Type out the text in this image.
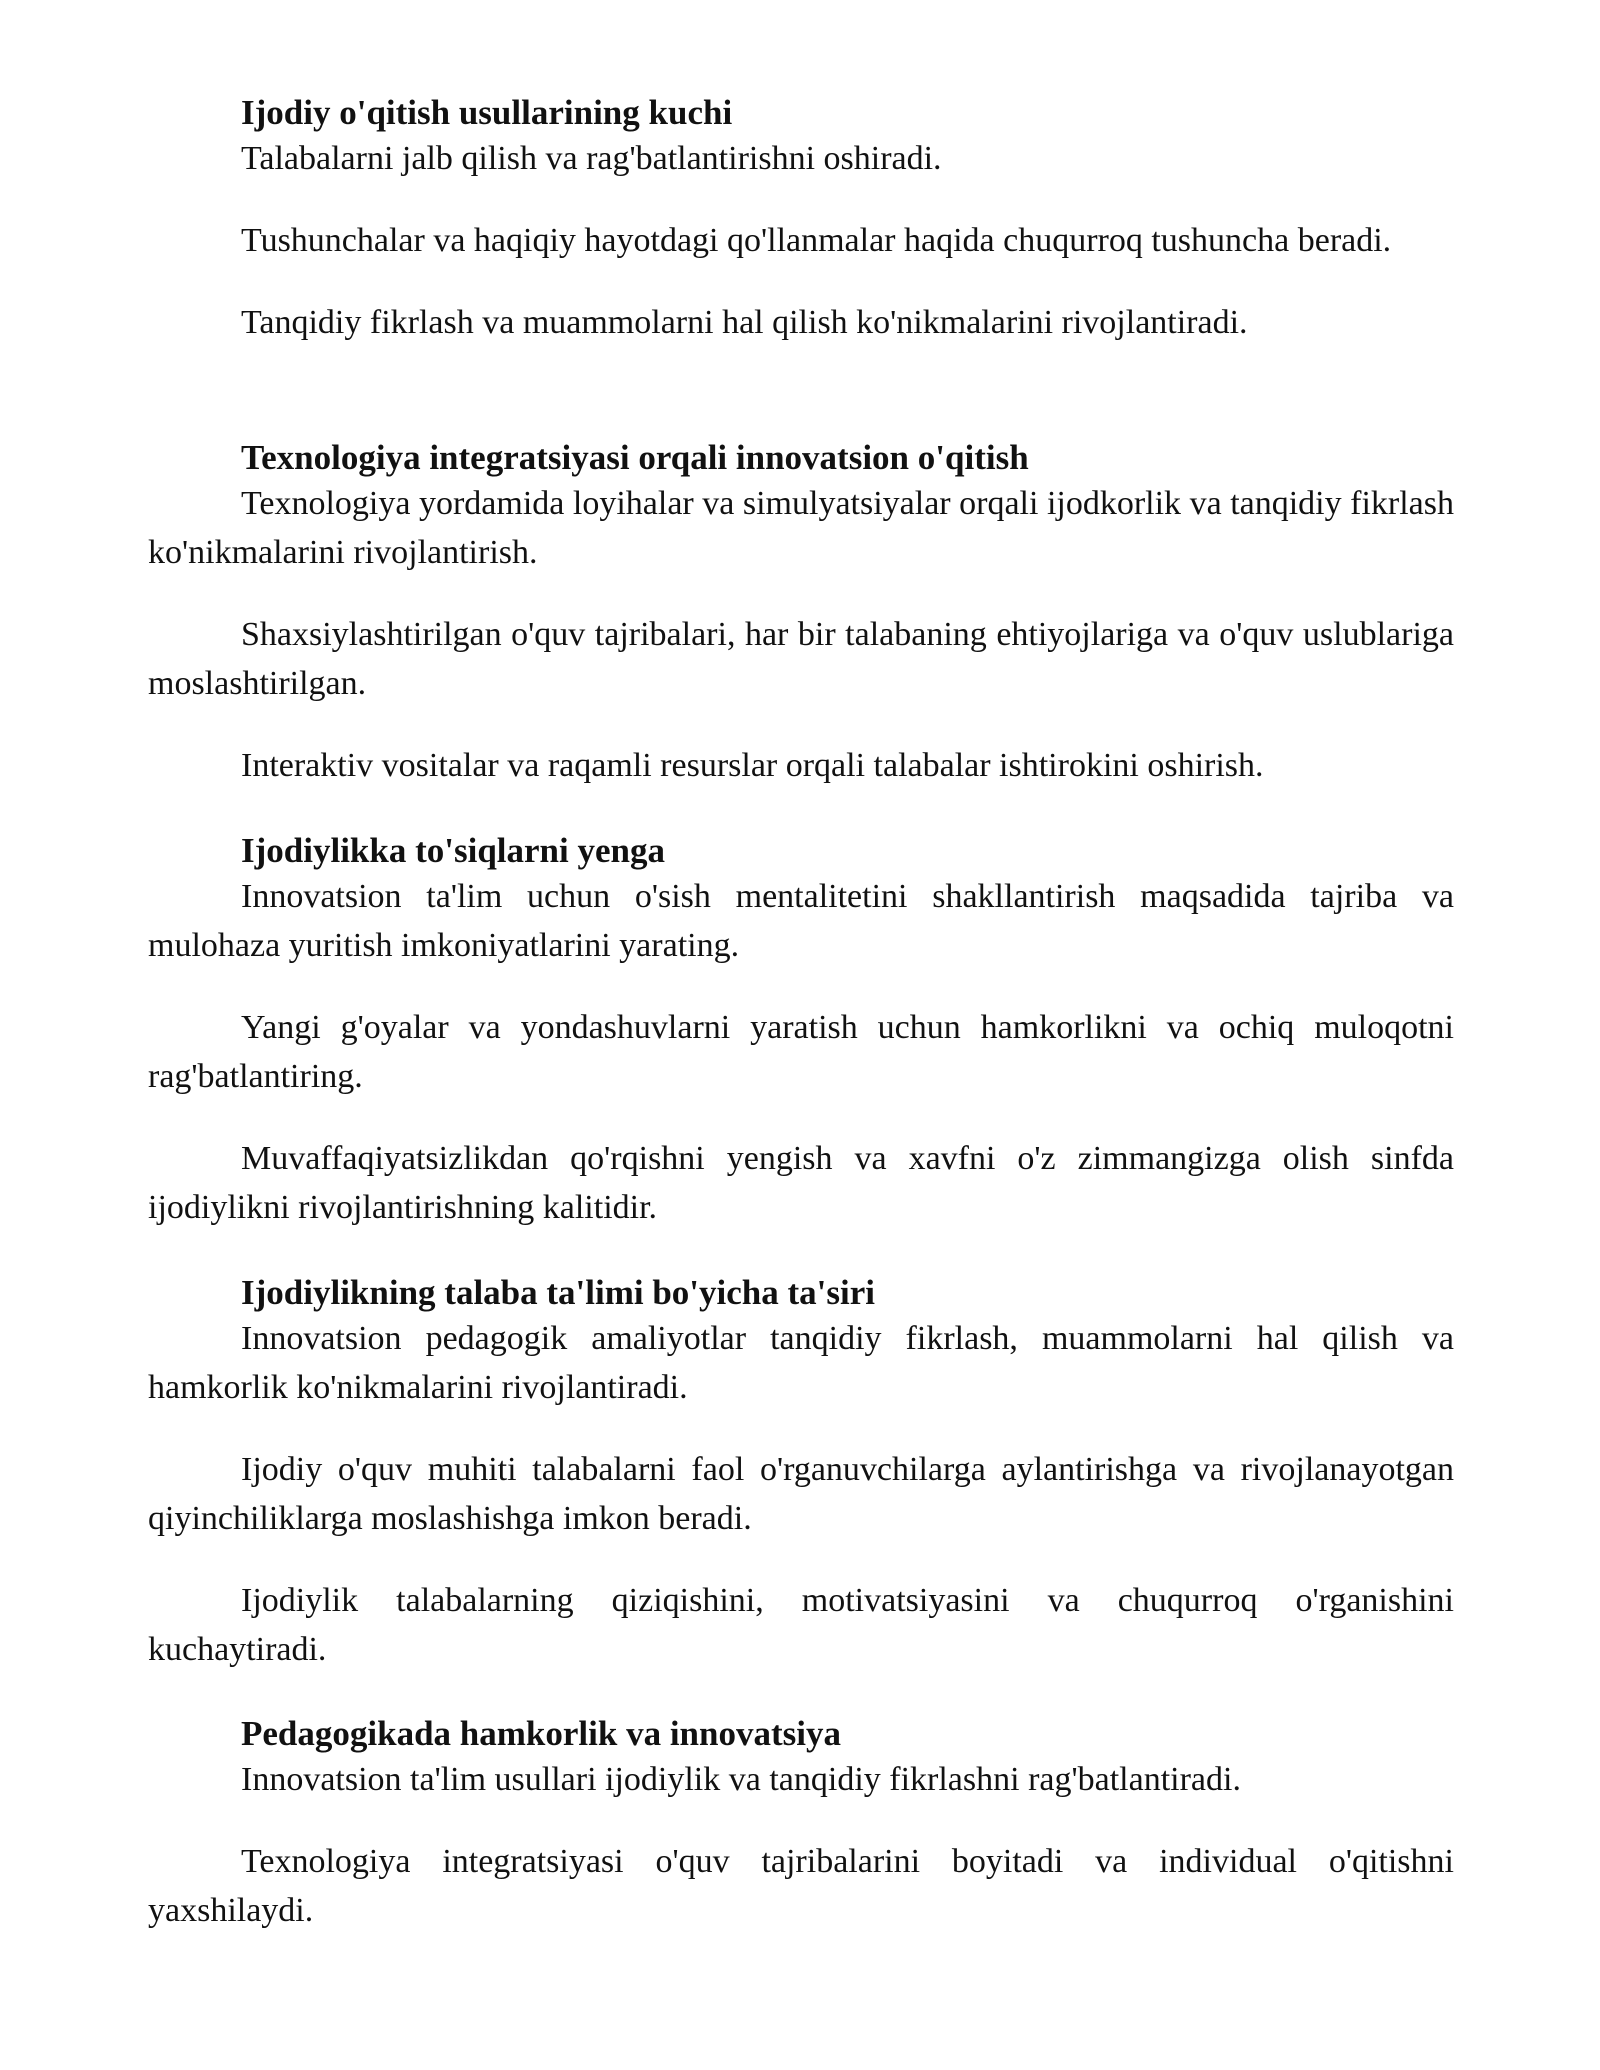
Ijodiy o'qitish usullarining kuchi

Talabalarni jalb qilish va rag'batlantirishni oshiradi.

Tushunchalar va haqiqiy hayotdagi qo'llanmalar haqida chuqurroq tushuncha beradi.

Tanqidiy fikrlash va muammolarni hal qilish ko'nikmalarini rivojlantiradi.

Texnologiya integratsiyasi orqali innovatsion o'qitish

Texnologiya yordamida loyihalar va simulyatsiyalar orqali ijodkorlik va tanqidiy fikrlash ko'nikmalarini rivojlantirish.

Shaxsiylashtirilgan o'quv tajribalari, har bir talabaning ehtiyojlariga va o'quv uslublariga moslashtirilgan.

Interaktiv vositalar va raqamli resurslar orqali talabalar ishtirokini oshirish.

Ijodiylikka to'siqlarni yenga

Innovatsion ta'lim uchun o'sish mentalitetini shakllantirish maqsadida tajriba va mulohaza yuritish imkoniyatlarini yarating.

Yangi g'oyalar va yondashuvlarni yaratish uchun hamkorlikni va ochiq muloqotni rag'batlantiring.

Muvaffaqiyatsizlikdan qo'rqishni yengish va xavfni o'z zimmangizga olish sinfda ijodiylikni rivojlantirishning kalitidir.

Ijodiylikning talaba ta'limi bo'yicha ta'siri

Innovatsion pedagogik amaliyotlar tanqidiy fikrlash, muammolarni hal qilish va hamkorlik ko'nikmalarini rivojlantiradi.

Ijodiy o'quv muhiti talabalarni faol o'rganuvchilarga aylantirishga va rivojlanayotgan qiyinchiliklarga moslashishga imkon beradi.

Ijodiylik talabalarning qiziqishini, motivatsiyasini va chuqurroq o'rganishini kuchaytiradi.

Pedagogikada hamkorlik va innovatsiya

Innovatsion ta'lim usullari ijodiylik va tanqidiy fikrlashni rag'batlantiradi.

Texnologiya integratsiyasi o'quv tajribalarini boyitadi va individual o'qitishni yaxshilaydi.
